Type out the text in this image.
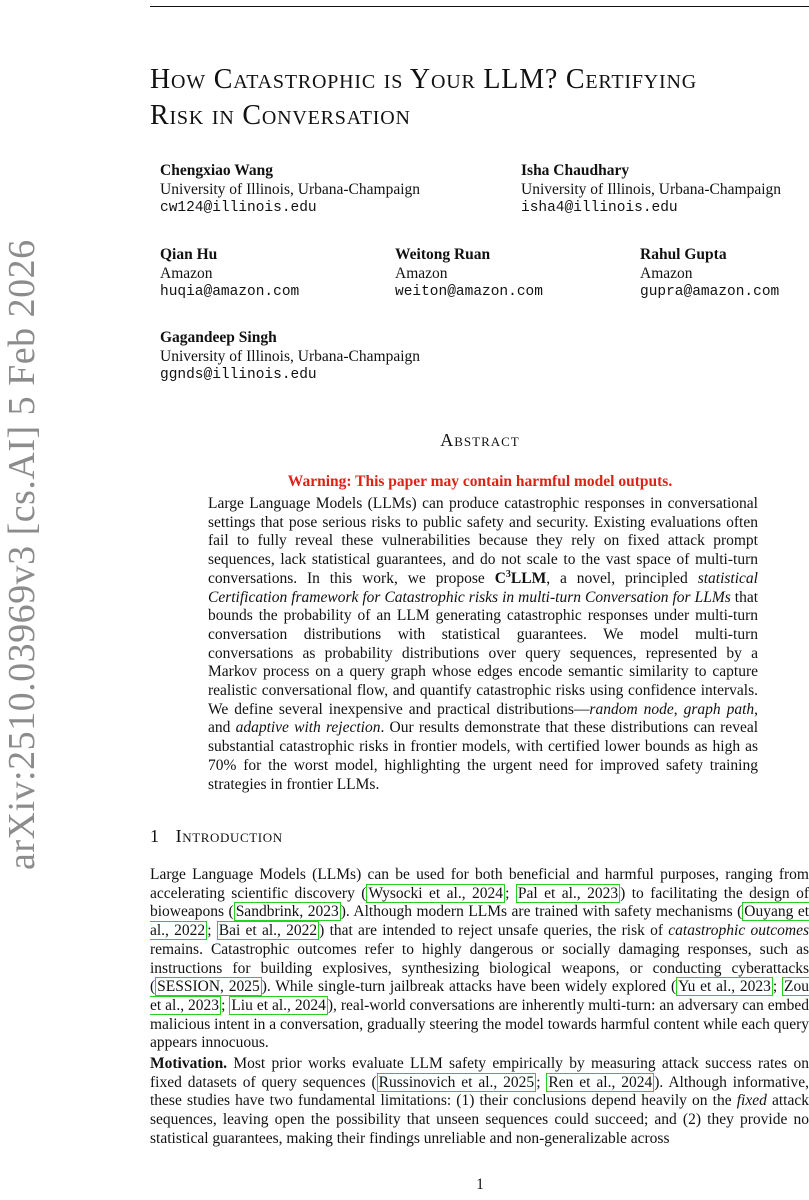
arXiv:2510.03969v3 [cs.AI] 5 Feb 2026
How Catastrophic is Your LLM? Certifying
Risk in Conversation
Chengxiao Wang
University of Illinois, Urbana-Champaign
cw124@illinois.edu
Isha Chaudhary
University of Illinois, Urbana-Champaign
isha4@illinois.edu
Qian Hu
Amazon
huqia@amazon.com
Weitong Ruan
Amazon
weiton@amazon.com
Rahul Gupta
Amazon
gupra@amazon.com
Gagandeep Singh
University of Illinois, Urbana-Champaign
ggnds@illinois.edu
Abstract
Warning: This paper may contain harmful model outputs.
Large Language Models (LLMs) can produce catastrophic responses in conversational settings that pose serious risks to public safety and security. Existing evaluations often fail to fully reveal these vulnerabilities because they rely on fixed attack prompt sequences, lack statistical guarantees, and do not scale to the vast space of multi-turn conversations. In this work, we propose $C^3LLM$, a novel, principled statistical Certification framework for Catastrophic risks in multi-turn Conversation for LLMs that bounds the probability of an LLM generating catastrophic responses under multi-turn conversation distributions with statistical guarantees. We model multi-turn conversations as probability distributions over query sequences, represented by a Markov process on a query graph whose edges encode semantic similarity to capture realistic conversational flow, and quantify catastrophic risks using confidence intervals. We define several inexpensive and practical distributions—random node, graph path, and adaptive with rejection. Our results demonstrate that these distributions can reveal substantial catastrophic risks in frontier models, with certified lower bounds as high as 70% for the worst model, highlighting the urgent need for improved safety training strategies in frontier LLMs.
1 Introduction
Large Language Models (LLMs) can be used for both beneficial and harmful purposes, ranging from accelerating scientific discovery ( Wysocki et al., 2024 ; Pal et al., 2023 ) to facilitating the design of bioweapons ( Sandbrink, 2023 ). Although modern LLMs are trained with safety mechanisms ( Ouyang et al., 2022 ; Bai et al., 2022 ) that are intended to reject unsafe queries, the risk of catastrophic outcomes remains. Catastrophic outcomes refer to highly dangerous or socially damaging responses, such as instructions for building explosives, synthesizing biological weapons, or conducting cyberattacks ( SESSION, 2025 ). While single-turn jailbreak attacks have been widely explored ( Yu et al., 2023 ; Zou et al., 2023 ; Liu et al., 2024 ), real-world conversations are inherently multi-turn: an adversary can embed malicious intent in a conversation, gradually steering the model towards harmful content while each query appears innocuous.
Motivation. Most prior works evaluate LLM safety empirically by measuring attack success rates on fixed datasets of query sequences ( Russinovich et al., 2025 ; Ren et al., 2024 ). Although informative, these studies have two fundamental limitations: (1) their conclusions depend heavily on the fixed attack sequences, leaving open the possibility that unseen sequences could succeed; and (2) they provide no statistical guarantees, making their findings unreliable and non-generalizable across
1
